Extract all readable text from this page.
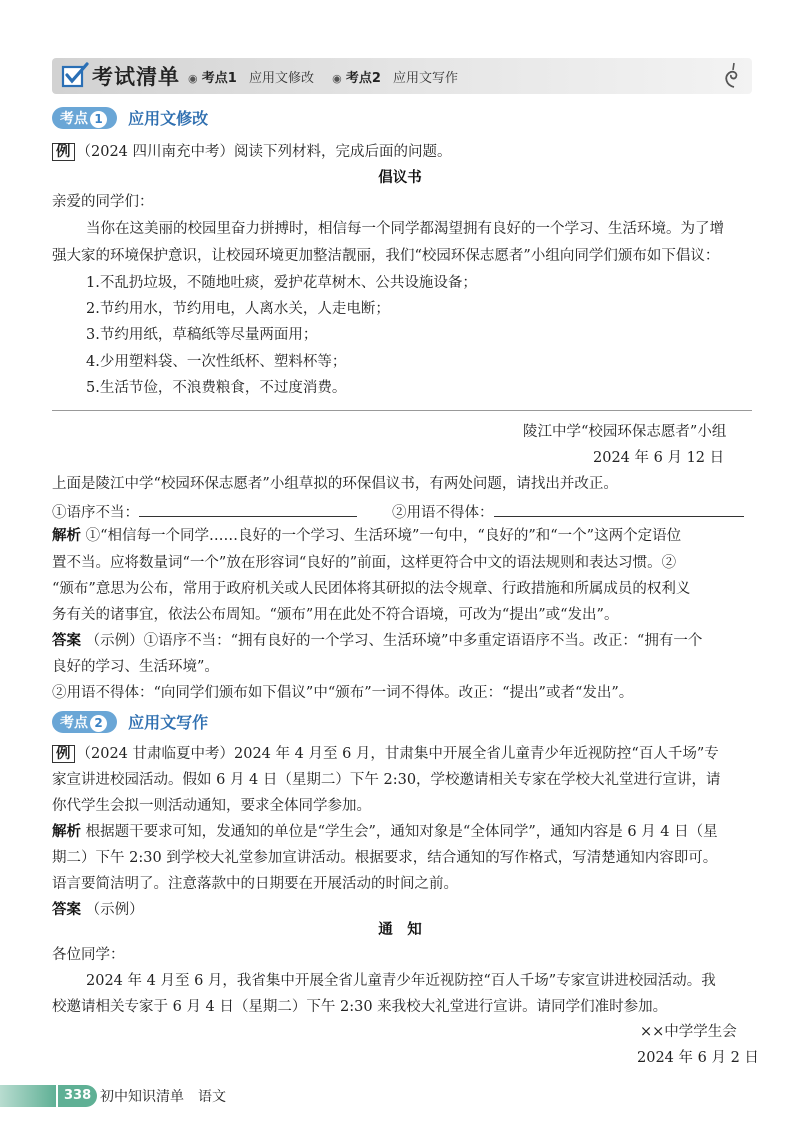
考试清单 ◉ 考点1 应用文修改 ◉ 考点2 应用文写作
考点 1 应用文修改
例 （2024 四川南充中考）阅读下列材料，完成后面的问题。
倡议书
亲爱的同学们：
当你在这美丽的校园里奋力拼搏时，相信每一个同学都渴望拥有良好的一个学习、生活环境。为了增
强大家的环境保护意识，让校园环境更加整洁靓丽，我们“校园环保志愿者”小组向同学们颁布如下倡议：
1.不乱扔垃圾，不随地吐痰，爱护花草树木、公共设施设备；
2.节约用水，节约用电，人离水关，人走电断；
3.节约用纸，草稿纸等尽量两面用；
4.少用塑料袋、一次性纸杯、塑料杯等；
5.生活节俭，不浪费粮食，不过度消费。
陵江中学“校园环保志愿者”小组
2024 年 6 月 12 日
上面是陵江中学“校园环保志愿者”小组草拟的环保倡议书，有两处问题，请找出并改正。
①语序不当：	②用语不得体：
解析 ①“相信每一个同学……良好的一个学习、生活环境”一句中，“良好的”和“一个”这两个定语位
置不当。应将数量词“一个”放在形容词“良好的”前面，这样更符合中文的语法规则和表达习惯。②
“颁布”意思为公布，常用于政府机关或人民团体将其研拟的法令规章、行政措施和所属成员的权利义
务有关的诸事宜，依法公布周知。“颁布”用在此处不符合语境，可改为“提出”或“发出”。
答案 （示例）①语序不当：“拥有良好的一个学习、生活环境”中多重定语语序不当。改正：“拥有一个
良好的学习、生活环境”。
②用语不得体：“向同学们颁布如下倡议”中“颁布”一词不得体。改正：“提出”或者“发出”。
考点 2 应用文写作
例 （2024 甘肃临夏中考）2024 年 4 月至 6 月，甘肃集中开展全省儿童青少年近视防控“百人千场”专
家宣讲进校园活动。假如 6 月 4 日（星期二）下午 2:30，学校邀请相关专家在学校大礼堂进行宣讲，请
你代学生会拟一则活动通知，要求全体同学参加。
解析 根据题干要求可知，发通知的单位是“学生会”，通知对象是“全体同学”，通知内容是 6 月 4 日（星
期二）下午 2:30 到学校大礼堂参加宣讲活动。根据要求，结合通知的写作格式，写清楚通知内容即可。
语言要简洁明了。注意落款中的日期要在开展活动的时间之前。
答案 （示例）
通　知
各位同学：
2024 年 4 月至 6 月，我省集中开展全省儿童青少年近视防控“百人千场”专家宣讲进校园活动。我
校邀请相关专家于 6 月 4 日（星期二）下午 2:30 来我校大礼堂进行宣讲。请同学们准时参加。
××中学学生会
2024 年 6 月 2 日
338 初中知识清单　语文
